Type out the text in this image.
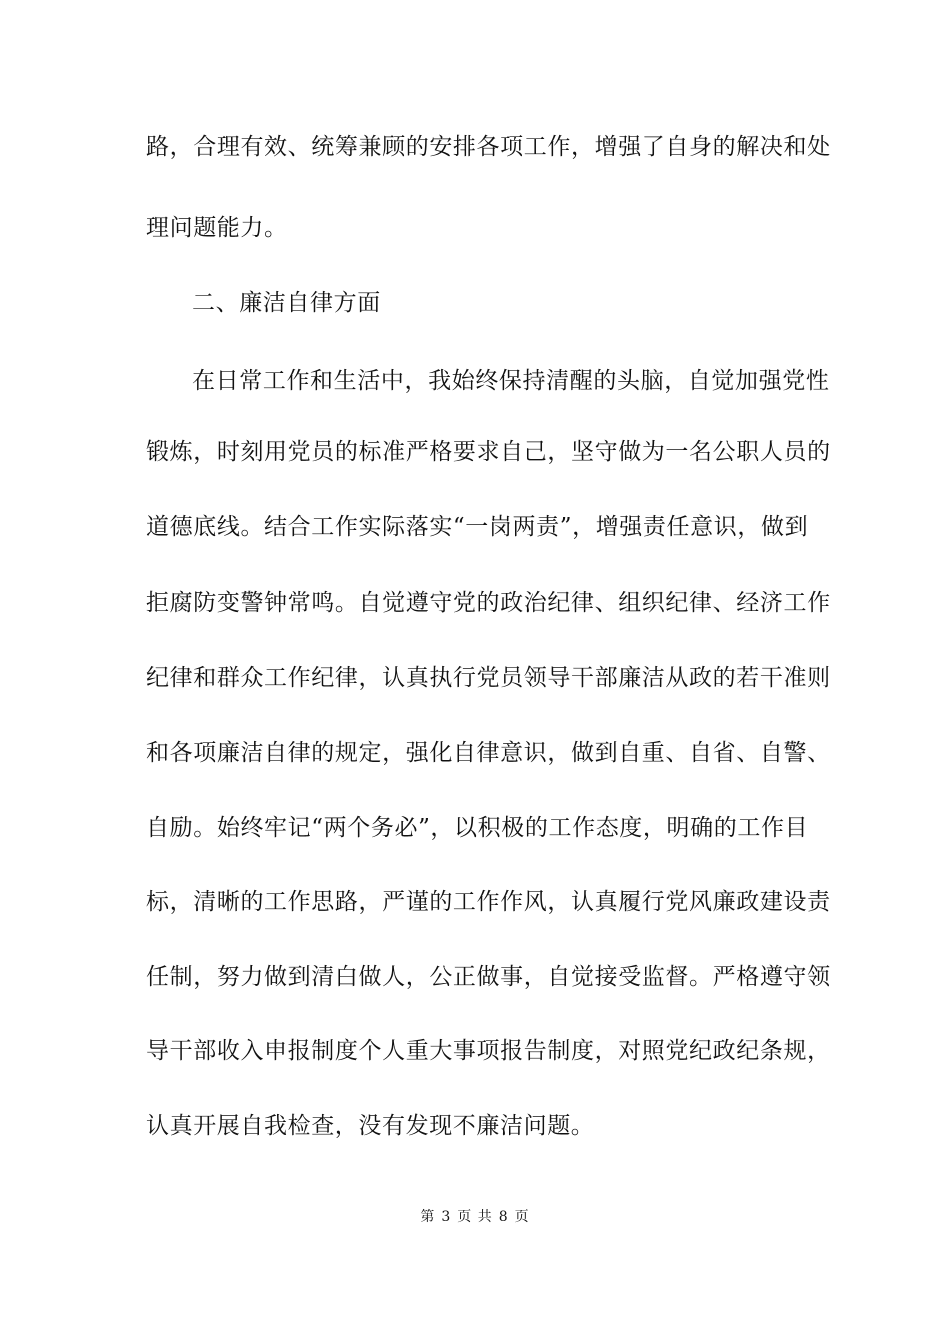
路 ， 合 理 有 效 、 统 筹 兼 顾 的 安 排 各 项 工 作 ， 增 强 了 自 身 的 解 决 和 处
理问题能力。
二、廉洁自律方面
在 日 常 工 作 和 生 活 中 ， 我 始 终 保 持 清 醒 的 头 脑 ， 自 觉 加 强 党 性
锻 炼 ， 时 刻 用 党 员 的 标 准 严 格 要 求 自 己 ， 坚 守 做 为 一 名 公 职 人 员 的
道 德 底 线 。 结 合 工 作 实 际 落 实 “ 一 岗 两 责 ” ， 增 强 责 任 意 识 ， 做 到
拒 腐 防 变 警 钟 常 鸣 。 自 觉 遵 守 党 的 政 治 纪 律 、 组 织 纪 律 、 经 济 工 作
纪 律 和 群 众 工 作 纪 律 ， 认 真 执 行 党 员 领 导 干 部 廉 洁 从 政 的 若 干 准 则
和 各 项 廉 洁 自 律 的 规 定 ， 强 化 自 律 意 识 ， 做 到 自 重 、 自 省 、 自 警 、
自 励 。 始 终 牢 记 “ 两 个 务 必 ” ， 以 积 极 的 工 作 态 度 ， 明 确 的 工 作 目
标 ， 清 晰 的 工 作 思 路 ， 严 谨 的 工 作 作 风 ， 认 真 履 行 党 风 廉 政 建 设 责
任 制 ， 努 力 做 到 清 白 做 人 ， 公 正 做 事 ， 自 觉 接 受 监 督 。 严 格 遵 守 领
导 干 部 收 入 申 报 制 度 个 人 重 大 事 项 报 告 制 度 ， 对 照 党 纪 政 纪 条 规 ，
认真开展自我检查，没有发现不廉洁问题。
第 3 页 共 8 页
